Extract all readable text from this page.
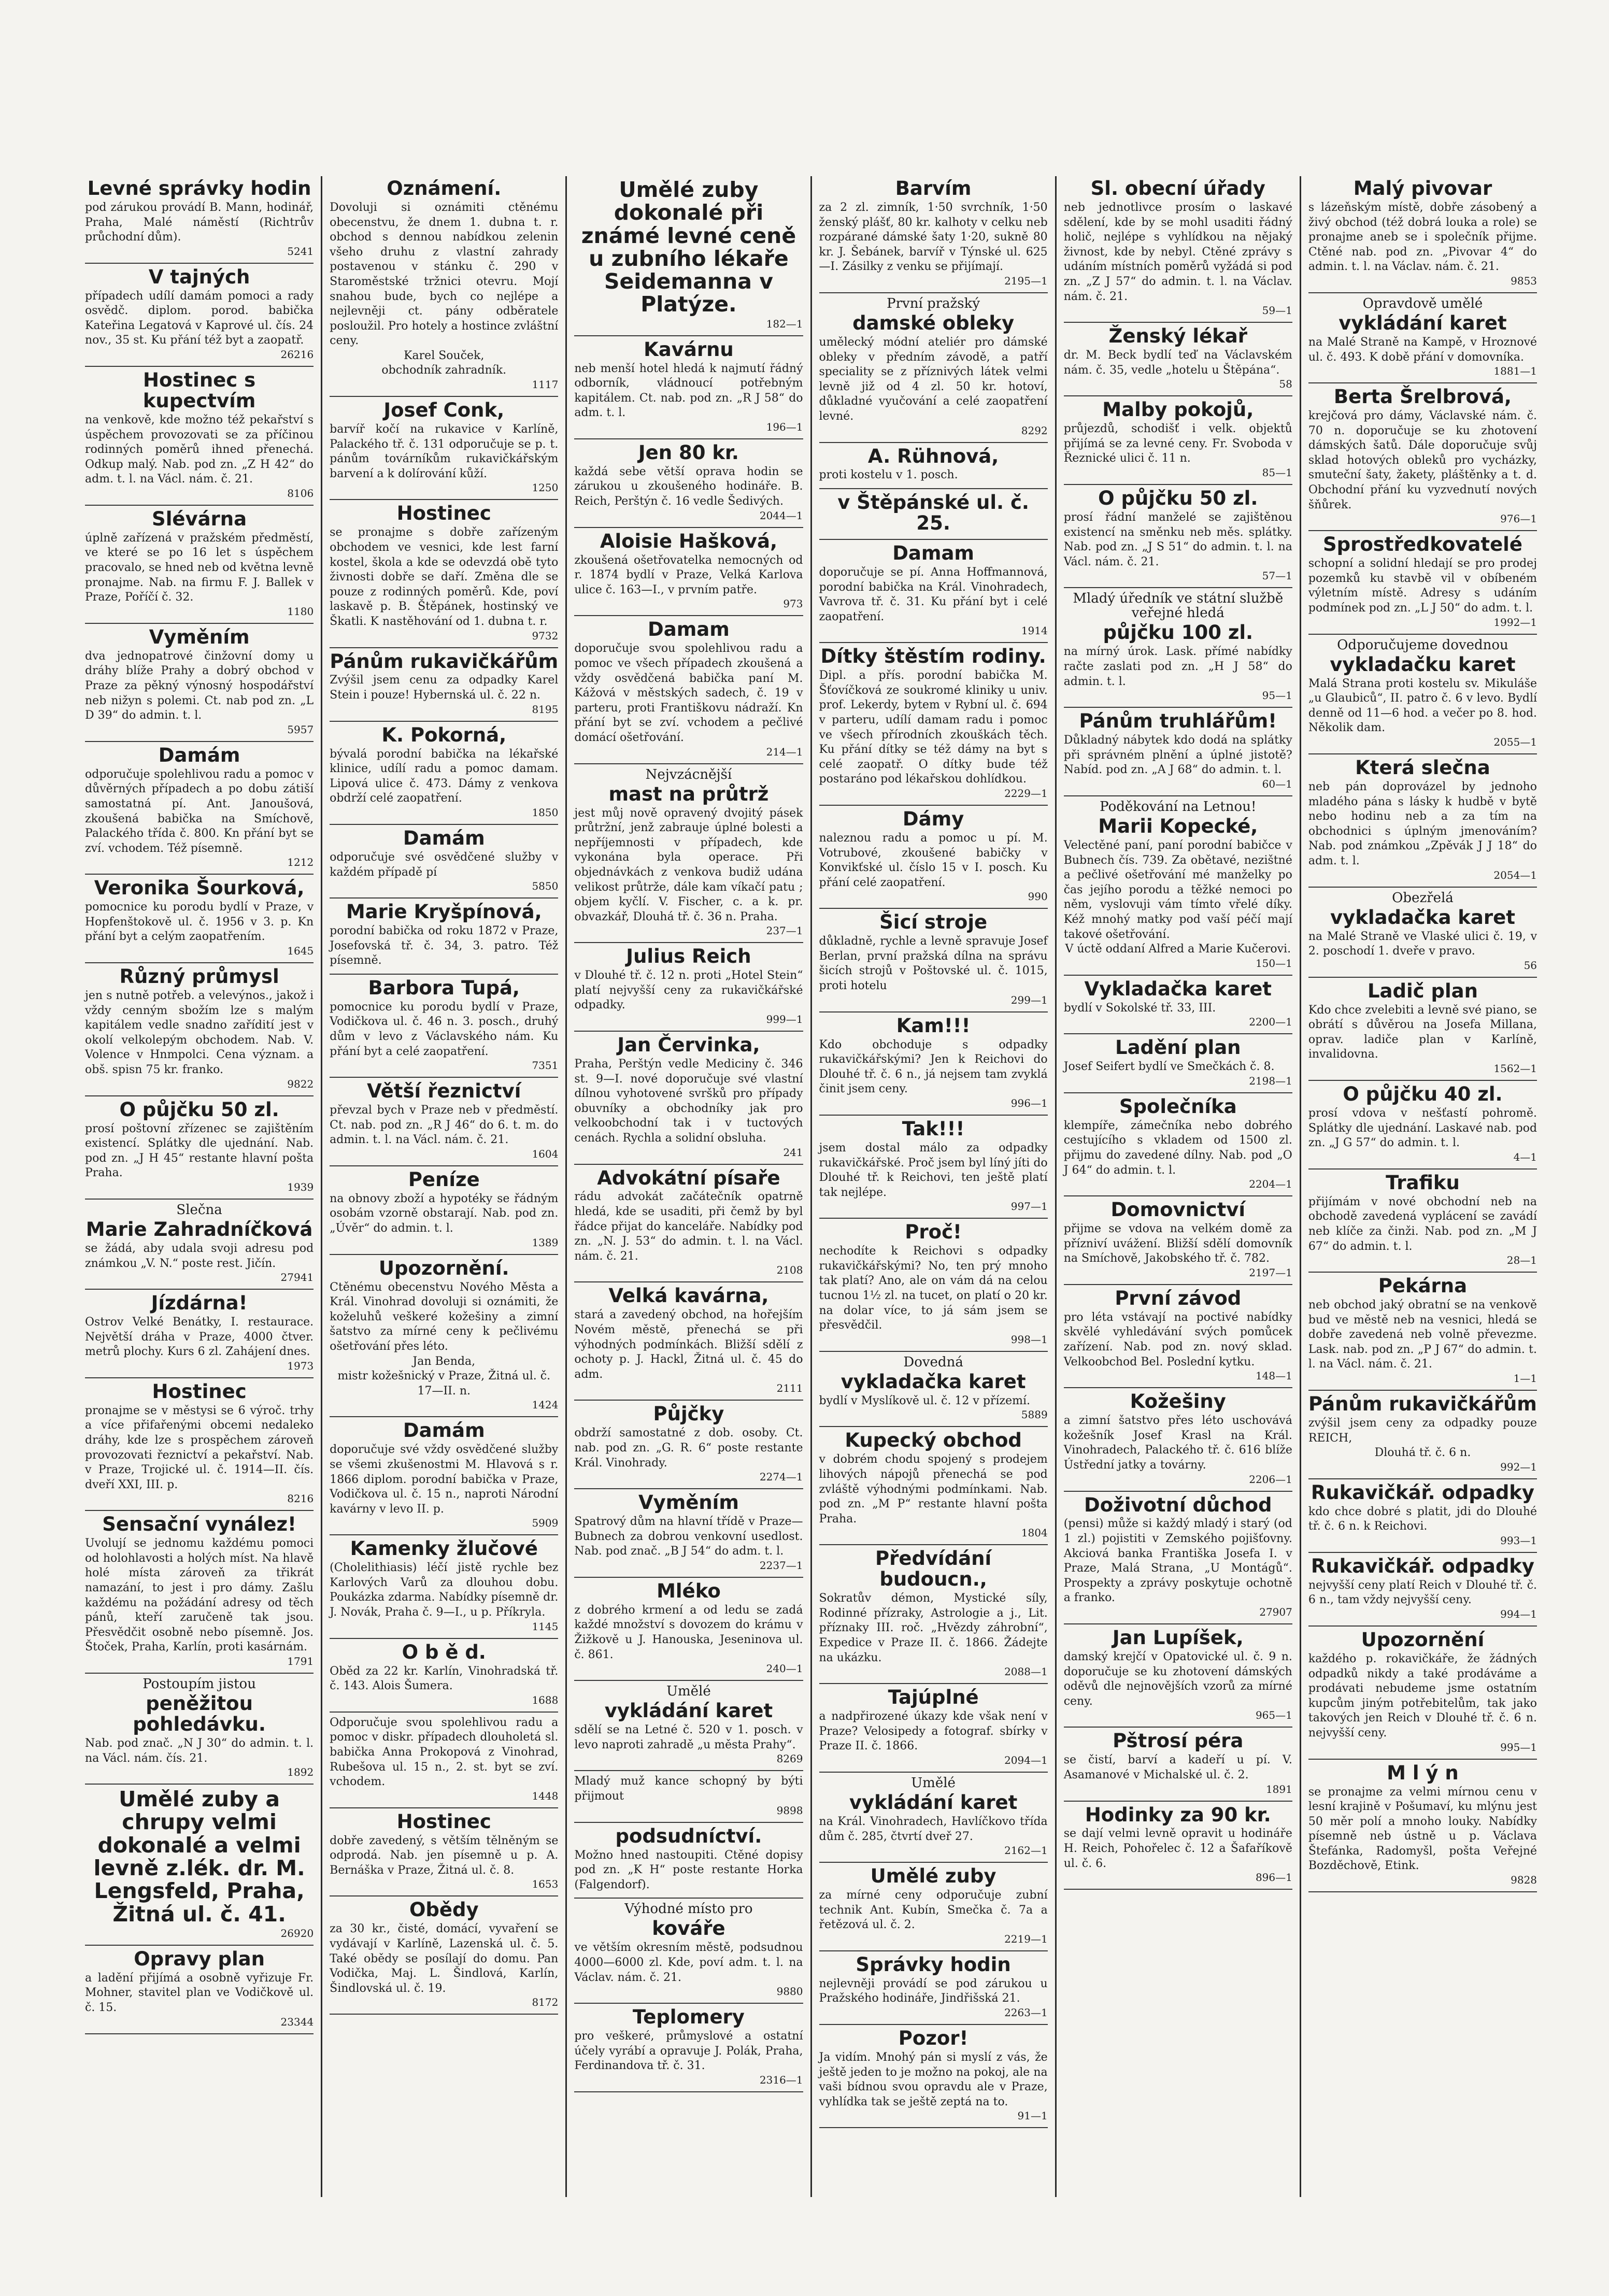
Levné správky hodin
pod zárukou provádí B. Mann, hodinář, Praha, Malé náměstí (Richtrův průchodní dům).
5241
V tajných
případech udílí damám pomoci a rady osvědč. diplom. porod. babička Kateřina Legatová v Kaprové ul. čís. 24 nov., 35 st. Ku přání též byt a zaopatř.
26216
Hostinec s kupectvím
na venkově, kde možno též pekařství s úspěchem provozovati se za příčinou rodinných poměrů ihned přenechá. Odkup malý. Nab. pod zn. „Z H 42“ do adm. t. l. na Václ. nám. č. 21.
8106
Slévárna
úplně zařízená v pražském předměstí, ve které se po 16 let s úspěchem pracovalo, se hned neb od května levně pronajme. Nab. na firmu F. J. Ballek v Praze, Poříčí č. 32.
1180
Vyměním
dva jednopatrové činžovní domy u dráhy blíže Prahy a dobrý obchod v Praze za pěkný výnosný hospodářství neb nižyn s polemi. Ct. nab pod zn. „L D 39“ do admin. t. l.
5957
Damám
odporučuje spolehlivou radu a pomoc v důvěrných případech a po dobu zátiší samostatná pí. Ant. Janoušová, zkoušená babička na Smíchově, Palackého třída č. 800. Kn přání byt se zví. vchodem. Též písemně.
1212
Veronika Šourková,
pomocnice ku porodu bydlí v Praze, v Hopfenštokově ul. č. 1956 v 3. p. Kn přání byt a celým zaopatřením.
1645
Různý průmysl
jen s nutně potřeb. a velevýnos., jakož i vždy cenným sbožím lze s malým kapitálem vedle snadno zařídití jest v okolí velkolepým obchodem. Nab. V. Volence v Hnmpolci. Cena význam. a obš. spisn 75 kr. franko.
9822
O půjčku 50 zl.
prosí poštovní zřízenec se zajištěním existencí. Splátky dle ujednání. Nab. pod zn. „J H 45“ restante hlavní pošta Praha.
1939
Slečna
Marie Zahradníčková
se žádá, aby udala svoji adresu pod známkou „V. N.“ poste rest. Jičín.
27941
Jízdárna!
Ostrov Velké Benátky, I. restaurace. Největší dráha v Praze, 4000 čtver. metrů plochy. Kurs 6 zl. Zahájení dnes.
1973
Hostinec
pronajme se v městysi se 6 výroč. trhy a více přifařenými obcemi nedaleko dráhy, kde lze s prospěchem zároveň provozovati řeznictví a pekařství. Nab. v Praze, Trojické ul. č. 1914—II. čís. dveří XXI, III. p.
8216
Sensační vynález!
Uvolují se jednomu každému pomoci od holohlavosti a holých míst. Na hlavě holé místa zároveň za třikrát namazání, to jest i pro dámy. Zašlu každému na požádání adresy od těch pánů, kteří zaručeně tak jsou. Přesvědčit osobně nebo písemně. Jos. Štoček, Praha, Karlín, proti kasárnám.
1791
Postoupím jistou
peněžitou pohledávku.
Nab. pod znač. „N J 30“ do admin. t. l. na Václ. nám. čís. 21.
1892
Umělé zuby a chrupy velmi dokonalé a velmi levně z.lék. dr. M. Lengsfeld, Praha, Žitná ul. č. 41.
26920
Opravy plan
a ladění přijímá a osobně vyřizuje Fr. Mohner, stavitel plan ve Vodičkově ul. č. 15.
23344
Oznámení.
Dovoluji si oznámiti ctěnému obecenstvu, že dnem 1. dubna t. r. obchod s dennou nabídkou zelenin všeho druhu z vlastní zahrady postavenou v stánku č. 290 v Staroměstské tržnici otevru. Mojí snahou bude, bych co nejlépe a nejlevněji ct. pány odběratele posloužil. Pro hotely a hostince zvláštní ceny.
Karel Souček,
obchodník zahradník.
1117
Josef Conk,
barvíř kočí na rukavice v Karlíně, Palackého tř. č. 131 odporučuje se p. t. pánům továrníkům rukavičkářským barvení a k dolírování kůží.
1250
Hostinec
se pronajme s dobře zařízeným obchodem ve vesnici, kde lest farní kostel, škola a kde se odevzdá obě tyto živnosti dobře se daří. Změna dle se pouze z rodinných poměrů. Kde, poví laskavě p. B. Štěpánek, hostinský ve Škatli. K nastěhování od 1. dubna t. r.
9732
Pánům rukavičkářům
Zvýšil jsem cenu za odpadky Karel Stein i pouze! Hybernská ul. č. 22 n.
8195
K. Pokorná,
bývalá porodní babička na lékařské klinice, udílí radu a pomoc damam. Lipová ulice č. 473. Dámy z venkova obdrží celé zaopatření.
1850
Damám
odporučuje své osvědčené služby v každém případě pí
5850
Marie Kryšpínová,
porodní babička od roku 1872 v Praze, Josefovská tř. č. 34, 3. patro. Též písemně.
Barbora Tupá,
pomocnice ku porodu bydlí v Praze, Vodičkova ul. č. 46 n. 3. posch., druhý dům v levo z Václavského nám. Ku přání byt a celé zaopatření.
7351
Větší řeznictví
převzal bych v Praze neb v předměstí. Ct. nab. pod zn. „R J 46“ do 6. t. m. do admin. t. l. na Václ. nám. č. 21.
1604
Peníze
na obnovy zboží a hypotéky se řádným osobám vzorně obstarají. Nab. pod zn. „Úvěr“ do admin. t. l.
1389
Upozornění.
Ctěnému obecenstvu Nového Města a Král. Vinohrad dovoluji si oznámiti, že koželuhů veškeré kožešiny a zimní šatstvo za mírné ceny k pečlivému ošetřování přes léto.
Jan Benda,
mistr kožešnický v Praze, Žitná ul. č. 17—II. n.
1424
Damám
doporučuje své vždy osvědčené služby se všemi zkušenostmi M. Hlavová s r. 1866 diplom. porodní babička v Praze, Vodičkova ul. č. 15 n., naproti Národní kavárny v levo II. p.
5909
Kamenky žlučové
(Cholelithiasis) léčí jistě rychle bez Karlových Varů za dlouhou dobu. Poukázka zdarma. Nabídky písemně dr. J. Novák, Praha č. 9—I., u p. Příkryla.
1145
O b ě d.
Oběd za 22 kr. Karlín, Vinohradská tř. č. 143. Alois Šumera.
1688
Odporučuje svou spolehlivou radu a pomoc v diskr. případech dlouholetá sl. babička Anna Prokopová z Vinohrad, Rubešova ul. 15 n., 2. st. byt se zví. vchodem.
1448
Hostinec
dobře zavedený, s větším tělněným se odprodá. Nab. jen písemně u p. A. Bernáška v Praze, Žitná ul. č. 8.
1653
Obědy
za 30 kr., čisté, domácí, vyvaření se vydávají v Karlíně, Lazenská ul. č. 5. Také obědy se posílají do domu. Pan Vodička, Maj. L. Šindlová, Karlín, Šindlovská ul. č. 19.
8172
Umělé zuby dokonalé při známé levné ceně u zubního lékaře Seidemanna v Platýze.
182—1
Kavárnu
neb menší hotel hledá k najmutí řádný odborník, vládnoucí potřebným kapitálem. Ct. nab. pod zn. „R J 58“ do adm. t. l.
196—1
Jen 80 kr.
každá sebe větší oprava hodin se zárukou u zkoušeného hodináře. B. Reich, Perštýn č. 16 vedle Šedivých.
2044—1
Aloisie Hašková,
zkoušená ošetřovatelka nemocných od r. 1874 bydlí v Praze, Velká Karlova ulice č. 163—I., v prvním patře.
973
Damam
doporučuje svou spolehlivou radu a pomoc ve všech případech zkoušená a vždy osvědčená babička paní M. Kážová v městských sadech, č. 19 v parteru, proti Františkovu nádraží. Kn přání byt se zví. vchodem a pečlivé domácí ošetřování.
214—1
Nejvzácnější
mast na průtrž
jest můj nově opravený dvojitý pásek průtržní, jenž zabrauje úplné bolesti a nepříjemnosti v případech, kde vykonána byla operace. Při objednávkách z venkova budiž udána velikost průtrže, dále kam víkačí patu ; objem kyčlí. V. Fischer, c. a k. pr. obvazkář, Dlouhá tř. č. 36 n. Praha.
237—1
Julius Reich
v Dlouhé tř. č. 12 n. proti „Hotel Stein“ platí nejvyšší ceny za rukavičkářské odpadky.
999—1
Jan Červinka,
Praha, Perštýn vedle Mediciny č. 346 st. 9—I. nové doporučuje své vlastní dílnou vyhotovené svršků pro případy obuvníky a obchodníky jak pro velkoobchodní tak i v tuctových cenách. Rychla a solidní obsluha.
241
Advokátní písaře
rádu advokát začátečník opatrně hledá, kde se usaditi, při čemž by byl řádce přijat do kanceláře. Nabídky pod zn. „N. J. 53“ do admin. t. l. na Václ. nám. č. 21.
2108
Velká kavárna,
stará a zavedený obchod, na hořejším Novém městě, přenechá se při výhodných podmínkách. Bližší sdělí z ochoty p. J. Hackl, Žitná ul. č. 45 do adm.
2111
Půjčky
obdrží samostatné z dob. osoby. Ct. nab. pod zn. „G. R. 6“ poste restante Král. Vinohrady.
2274—1
Vyměním
Spatrový dům na hlavní třídě v Praze—Bubnech za dobrou venkovní usedlost. Nab. pod znač. „B J 54“ do adm. t. l.
2237—1
Mléko
z dobrého krmení a od ledu se zadá každé množství s dovozem do krámu v Žižkově u J. Hanouska, Jeseninova ul. č. 861.
240—1
Umělé
vykládání karet
sdělí se na Letné č. 520 v 1. posch. v levo naproti zahradě „u města Prahy“.
8269
Mladý muž kance schopný by býti přijmout
9898
podsudníctví.
Možno hned nastoupiti. Ctěné dopisy pod zn. „K H“ poste restante Horka (Falgendorf).
Výhodné místo pro
kováře
ve větším okresním městě, podsudnou 4000—6000 zl. Kde, poví adm. t. l. na Václav. nám. č. 21.
9880
Teplomery
pro veškeré, průmyslové a ostatní účely vyrábí a opravuje J. Polák, Praha, Ferdinandova tř. č. 31.
2316—1
Barvím
za 2 zl. zimník, 1·50 svrchník, 1·50 ženský plášť, 80 kr. kalhoty v celku neb rozpárané dámské šaty 1·20, sukně 80 kr. J. Šebánek, barvíř v Týnské ul. 625—I. Zásilky z venku se přijímají.
2195—1
První pražský
damské obleky
umělecký módní ateliér pro dámské obleky v předním závodě, a patří speciality se z příznivých látek velmi levně již od 4 zl. 50 kr. hotoví, důkladné vyučování a celé zaopatření levné.
8292
A. Rühnová,
proti kostelu v 1. posch.
v Štěpánské ul. č. 25.
Damam
doporučuje se pí. Anna Hoffmannová, porodní babička na Král. Vinohradech, Vavrova tř. č. 31. Ku přání byt i celé zaopatření.
1914
Dítky štěstím rodiny.
Dipl. a přís. porodní babička M. Šťovíčková ze soukromé kliniky u univ. prof. Lekerdy, bytem v Rybní ul. č. 694 v parteru, udílí damam radu i pomoc ve všech přírodních zkouškách těch. Ku přání dítky se též dámy na byt s celé zaopatř. O dítky bude též postaráno pod lékařskou dohlídkou.
2229—1
Dámy
naleznou radu a pomoc u pí. M. Votrubové, zkoušené babičky v Konvikťské ul. číslo 15 v I. posch. Ku přání celé zaopatření.
990
Šicí stroje
důkladně, rychle a levně spravuje Josef Berlan, první pražská dílna na správu šicích strojů v Poštovské ul. č. 1015, proti hotelu
299—1
Kam!!!
Kdo obchoduje s odpadky rukavičkářskými? Jen k Reichovi do Dlouhé tř. č. 6 n., já nejsem tam zvyklá činit jsem ceny.
996—1
Tak!!!
jsem dostal málo za odpadky rukavičkářské. Proč jsem byl líný jíti do Dlouhé tř. k Reichovi, ten ještě platí tak nejlépe.
997—1
Proč!
nechodíte k Reichovi s odpadky rukavičkářskými? No, ten prý mnoho tak platí? Ano, ale on vám dá na celou tucnou 1½ zl. na tucet, on platí o 20 kr. na dolar více, to já sám jsem se přesvědčil.
998—1
Dovedná
vykladačka karet
bydlí v Myslíkově ul. č. 12 v přízemí.
5889
Kupecký obchod
v dobrém chodu spojený s prodejem lihových nápojů přenechá se pod zvláště výhodnými podmínkami. Nab. pod zn. „M P“ restante hlavní pošta Praha.
1804
Předvídání budoucn.,
Sokratův démon, Mystické síly, Rodinné přízraky, Astrologie a j., Lit. příznaky III. roč. „Hvězdy záhrobní“, Expedice v Praze II. č. 1866. Žádejte na ukázku.
2088—1
Tajúplné
a nadpřirozené úkazy kde však není v Praze? Velosipedy a fotograf. sbírky v Praze II. č. 1866.
2094—1
Umělé
vykládání karet
na Král. Vinohradech, Havlíčkovo třída dům č. 285, čtvrtí dveř 27.
2162—1
Umělé zuby
za mírné ceny odporučuje zubní technik Ant. Kubín, Smečka č. 7a a řetězová ul. č. 2.
2219—1
Správky hodin
nejlevněji provádí se pod zárukou u Pražského hodináře, Jindřišská 21.
2263—1
Pozor!
Ja vidím. Mnohý pán si myslí z vás, že ještě jeden to je možno na pokoj, ale na vaši bídnou svou opravdu ale v Praze, vyhlídka tak se ještě zeptá na to.
91—1
Sl. obecní úřady
neb jednotlivce prosím o laskavé sdělení, kde by se mohl usaditi řádný holič, nejlépe s vyhlídkou na nějaký živnost, kde by nebyl. Ctěné zprávy s udáním místních poměrů vyžádá si pod zn. „Z J 57“ do admin. t. l. na Václav. nám. č. 21.
59—1
Ženský lékař
dr. M. Beck bydlí teď na Václavském nám. č. 35, vedle „hotelu u Štěpána“.
58
Malby pokojů,
průjezdů, schodišť i velk. objektů přijímá se za levné ceny. Fr. Svoboda v Řeznické ulici č. 11 n.
85—1
O půjčku 50 zl.
prosí řádní manželé se zajištěnou existencí na směnku neb měs. splátky. Nab. pod zn. „J S 51“ do admin. t. l. na Václ. nám. č. 21.
57—1
Mladý úředník ve státní službě veřejné hledá
půjčku 100 zl.
na mírný úrok. Lask. přímé nabídky račte zaslati pod zn. „H J 58“ do admin. t. l.
95—1
Pánům truhlářům!
Důkladný nábytek kdo dodá na splátky při správném plnění a úplné jistotě? Nabíd. pod zn. „A J 68“ do admin. t. l.
60—1
Poděkování na Letnou!
Marii Kopecké,
Velectěné paní, paní porodní babičce v Bubnech čís. 739. Za obětavé, nezištné a pečlivé ošetřování mé manželky po čas jejího porodu a těžké nemoci po něm, vyslovuji vám tímto vřelé díky. Kéž mnohý matky pod vaší péčí mají takové ošetřování.
V úctě oddaní Alfred a Marie Kučerovi.
150—1
Vykladačka karet
bydlí v Sokolské tř. 33, III.
2200—1
Ladění plan
Josef Seifert bydlí ve Smečkách č. 8.
2198—1
Společníka
klempíře, zámečníka nebo dobrého cestujícího s vkladem od 1500 zl. přijmu do zavedené dílny. Nab. pod „O J 64“ do admin. t. l.
2204—1
Domovnictví
přijme se vdova na velkém domě za přízniví uvážení. Bližší sdělí domovník na Smíchově, Jakobského tř. č. 782.
2197—1
První závod
pro léta vstávají na poctivé nabídky skvělé vyhledávání svých pomůcek zařízení. Nab. pod zn. nový sklad. Velkoobchod Bel. Poslední kytku.
148—1
Kožešiny
a zimní šatstvo přes léto uschovává kožešník Josef Krasl na Král. Vinohradech, Palackého tř. č. 616 blíže Ústřední jatky a továrny.
2206—1
Doživotní důchod
(pensi) může si každý mladý i starý (od 1 zl.) pojistiti v Zemského pojišťovny. Akciová banka Františka Josefa I. v Praze, Malá Strana, „U Montágů“. Prospekty a zprávy poskytuje ochotně a franko.
27907
Jan Lupíšek,
damský krejčí v Opatovické ul. č. 9 n. doporučuje se ku zhotovení dámských oděvů dle nejnovějších vzorů za mírné ceny.
965—1
Pštrosí péra
se čistí, barví a kadeří u pí. V. Asamanové v Michalské ul. č. 2.
1891
Hodinky za 90 kr.
se dají velmi levně opravit u hodináře H. Reich, Pohořelec č. 12 a Šafaříkově ul. č. 6.
896—1
Malý pivovar
s lázeňským místě, dobře zásobený a živý obchod (též dobrá louka a role) se pronajme aneb se i společník přijme. Ctěné nab. pod zn. „Pivovar 4“ do admin. t. l. na Václav. nám. č. 21.
9853
Opravdově umělé
vykládání karet
na Malé Straně na Kampě, v Hroznové ul. č. 493. K době přání v domovníka.
1881—1
Berta Šrelbrová,
krejčová pro dámy, Václavské nám. č. 70 n. doporučuje se ku zhotovení dámských šatů. Dále doporučuje svůj sklad hotových obleků pro vycházky, smuteční šaty, žakety, pláštěnky a t. d. Obchodní přání ku vyzvednutí nových šňůrek.
976—1
Sprostředkovatelé
schopní a solidní hledají se pro prodej pozemků ku stavbě vil v obíbeném výletním místě. Adresy s udáním podmínek pod zn. „L J 50“ do adm. t. l.
1992—1
Odporučujeme dovednou
vykladačku karet
Malá Strana proti kostelu sv. Mikuláše „u Glaubiců“, II. patro č. 6 v levo. Bydlí denně od 11—6 hod. a večer po 8. hod. Několik dam.
2055—1
Která slečna
neb pán doprovázel by jednoho mladého pána s lásky k hudbě v bytě nebo hodinu neb a za tím na obchodnici s úplným jmenováním? Nab. pod známkou „Zpěvák J J 18“ do adm. t. l.
2054—1
Obezřelá
vykladačka karet
na Malé Straně ve Vlaské ulici č. 19, v 2. poschodí 1. dveře v pravo.
56
Ladič plan
Kdo chce zvelebiti a levně své piano, se obrátí s důvěrou na Josefa Millana, oprav. ladiče plan v Karlíně, invalidovna.
1562—1
O půjčku 40 zl.
prosí vdova v nešťastí pohromě. Splátky dle ujednání. Laskavé nab. pod zn. „J G 57“ do admin. t. l.
4—1
Trafiku
přijímám v nové obchodní neb na obchodě zavedená vyplácení se zavádí neb klíče za činži. Nab. pod zn. „M J 67“ do admin. t. l.
28—1
Pekárna
neb obchod jaký obratní se na venkově bud ve městě neb na vesnici, hledá se dobře zavedená neb volně převezme. Lask. nab. pod zn. „P J 67“ do admin. t. l. na Václ. nám. č. 21.
1—1
Pánům rukavičkářům
zvýšil jsem ceny za odpadky pouze REICH,
Dlouhá tř. č. 6 n.
992—1
Rukavičkář. odpadky
kdo chce dobré s platit, jdi do Dlouhé tř. č. 6 n. k Reichovi.
993—1
Rukavičkář. odpadky
nejvyšší ceny platí Reich v Dlouhé tř. č. 6 n., tam vždy nejvyšší ceny.
994—1
Upozornění
každého p. rokavičkáře, že žádných odpadků nikdy a také prodáváme a prodávati nebudeme jsme ostatním kupcům jiným potřebitelům, tak jako takových jen Reich v Dlouhé tř. č. 6 n. nejvyšší ceny.
995—1
M l ý n
se pronajme za velmi mírnou cenu v lesní krajině v Pošumaví, ku mlýnu jest 50 měr polí a mnoho louky. Nabídky písemně neb ústně u p. Václava Štefánka, Radomyšl, pošta Veřejné Bozděchově, Etink.
9828
